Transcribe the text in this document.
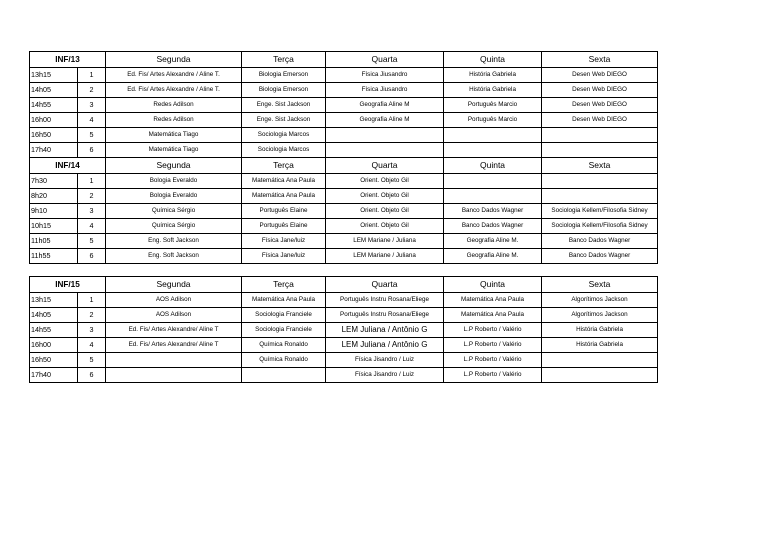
INF/13		Segunda	Terça	Quarta	Quinta	Sexta
13h15	1	Ed. Fis/ Artes Alexandre / Aline T.	Biologia Emerson	Física Jiusandro	História Gabriela	Desen Web DIEGO
14h05	2	Ed. Fis/ Artes Alexandre / Aline T.	Biologia Emerson	Física Jiusandro	História Gabriela	Desen Web DIEGO
14h55	3	Redes Adilson	Enge. Sist Jackson	Geografia Aline M	Português Marcio	Desen Web DIEGO
16h00	4	Redes Adilson	Enge. Sist Jackson	Geografia Aline M	Português Marcio	Desen Web DIEGO
16h50	5	Matemática Tiago	Sociologia Marcos			
17h40	6	Matemática Tiago	Sociologia Marcos			
INF/14		Segunda	Terça	Quarta	Quinta	Sexta
7h30	1	Bologia Everaldo	Matemática Ana Paula	Orient. Objeto Gil		
8h20	2	Bologia Everaldo	Matemática Ana Paula	Orient. Objeto Gil		
9h10	3	Química Sérgio	Português Elaine	Orient. Objeto Gil	Banco Dados Wagner	Sociologia Kellem/Filosofia Sidney
10h15	4	Química Sérgio	Português Elaine	Orient. Objeto Gil	Banco Dados Wagner	Sociologia Kellem/Filosofia Sidney
11h05	5	Eng. Soft Jackson	Física Jane/luiz	LEM Mariane / Juliana	Geografia Aline M.	Banco Dados Wagner
11h55	6	Eng. Soft Jackson	Física Jane/luiz	LEM Mariane / Juliana	Geografia Aline M.	Banco Dados Wagner
INF/15		Segunda	Terça	Quarta	Quinta	Sexta
13h15	1	AOS Adilson	Matemática Ana Paula	Português Instru Rosana/Eliege	Matemática Ana Paula	Algorítimos Jackson
14h05	2	AOS Adilson	Sociologia Franciele	Português Instru Rosana/Eliege	Matemática Ana Paula	Algorítimos Jackson
14h55	3	Ed. Fis/ Artes Alexandre/ Aline T	Sociologia Franciele	LEM Juliana / Antônio G	L.P Roberto / Valério	História Gabriela
16h00	4	Ed. Fis/ Artes Alexandre/ Aline T	Química Ronaldo	LEM Juliana / Antônio G	L.P Roberto / Valério	História Gabriela
16h50	5		Química Ronaldo	Física Jisandro / Luiz	L.P Roberto / Valério	
17h40	6			Física Jisandro / Luiz	L.P Roberto / Valério	
